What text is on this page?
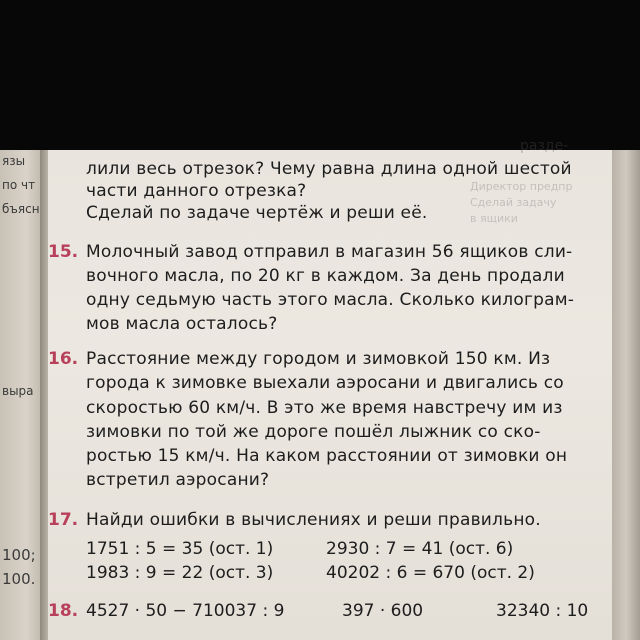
язы
по чт
бъясн
выра
100;
100.
разде-
Директор предпр
Сделай задачу
в ящики
лили весь отрезок? Чему равна длина одной шестой
части данного отрезка?
Сделай по задаче чертёж и реши её.
15. Молочный завод отправил в магазин 56 ящиков сли-
вочного масла, по 20 кг в каждом. За день продали
одну седьмую часть этого масла. Сколько килограм-
мов масла осталось?
16. Расстояние между городом и зимовкой 150 км. Из
города к зимовке выехали аэросани и двигались со
скоростью 60 км/ч. В это же время навстречу им из
зимовки по той же дороге пошёл лыжник со ско-
ростью 15 км/ч. На каком расстоянии от зимовки он
встретил аэросани?
17. Найди ошибки в вычислениях и реши правильно.
1751 : 5 = 35 (ост. 1)	2930 : 7 = 41 (ост. 6)
1983 : 9 = 22 (ост. 3)	40202 : 6 = 670 (ост. 2)
18. 4527 · 50 − 710037 : 9	397 · 600	32340 : 10
